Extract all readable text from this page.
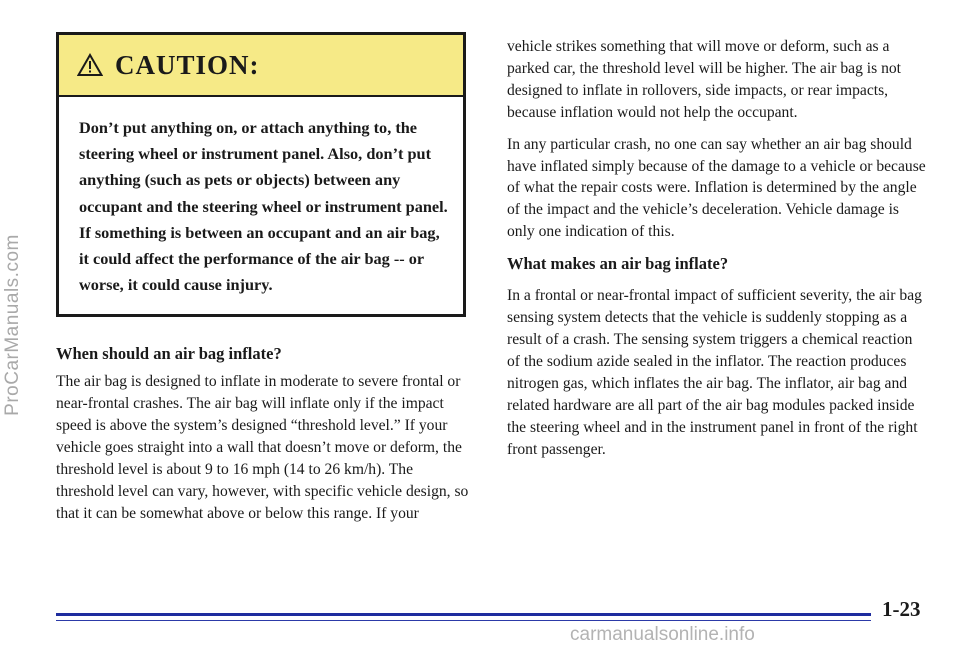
ProCarManuals.com
CAUTION:
Don’t put anything on, or attach anything to, the steering wheel or instrument panel. Also, don’t put anything (such as pets or objects) between any occupant and the steering wheel or instrument panel. If something is between an occupant and an air bag, it could affect the performance of the air bag -- or worse, it could cause injury.
When should an air bag inflate?

The air bag is designed to inflate in moderate to severe frontal or near-frontal crashes. The air bag will inflate only if the impact speed is above the system’s designed “threshold level.” If your vehicle goes straight into a wall that doesn’t move or deform, the threshold level is about 9 to 16 mph (14 to 26 km/h). The threshold level can vary, however, with specific vehicle design, so that it can be somewhat above or below this range. If your

vehicle strikes something that will move or deform, such as a parked car, the threshold level will be higher. The air bag is not designed to inflate in rollovers, side impacts, or rear impacts, because inflation would not help the occupant.

In any particular crash, no one can say whether an air bag should have inflated simply because of the damage to a vehicle or because of what the repair costs were. Inflation is determined by the angle of the impact and the vehicle’s deceleration. Vehicle damage is only one indication of this.

What makes an air bag inflate?

In a frontal or near-frontal impact of sufficient severity, the air bag sensing system detects that the vehicle is suddenly stopping as a result of a crash. The sensing system triggers a chemical reaction of the sodium azide sealed in the inflator. The reaction produces nitrogen gas, which inflates the air bag. The inflator, air bag and related hardware are all part of the air bag modules packed inside the steering wheel and in the instrument panel in front of the right front passenger.

1-23
carmanualsonline.info
